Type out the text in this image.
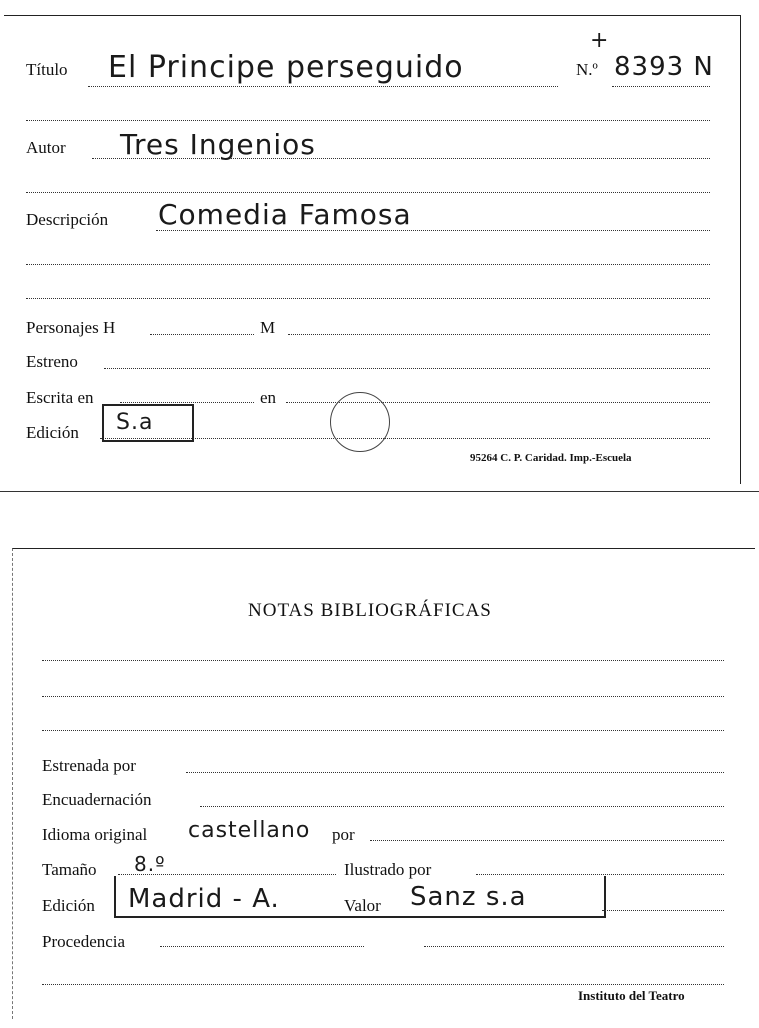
Título El Principe perseguido	N.º 8393 N
+
Autor Tres Ingenios
Descripción Comedia Famosa
Personajes H	M
Estreno
Escrita en	en
Edición S.a
95264 C. P. Caridad. Imp.-Escuela
NOTAS BIBLIOGRÁFICAS
Estrenada por
Encuadernación
Idioma original castellano por
Tamaño 8.º	Ilustrado por
Edición Madrid - A.	Valor Sanz s.a
Procedencia
Instituto del Teatro
